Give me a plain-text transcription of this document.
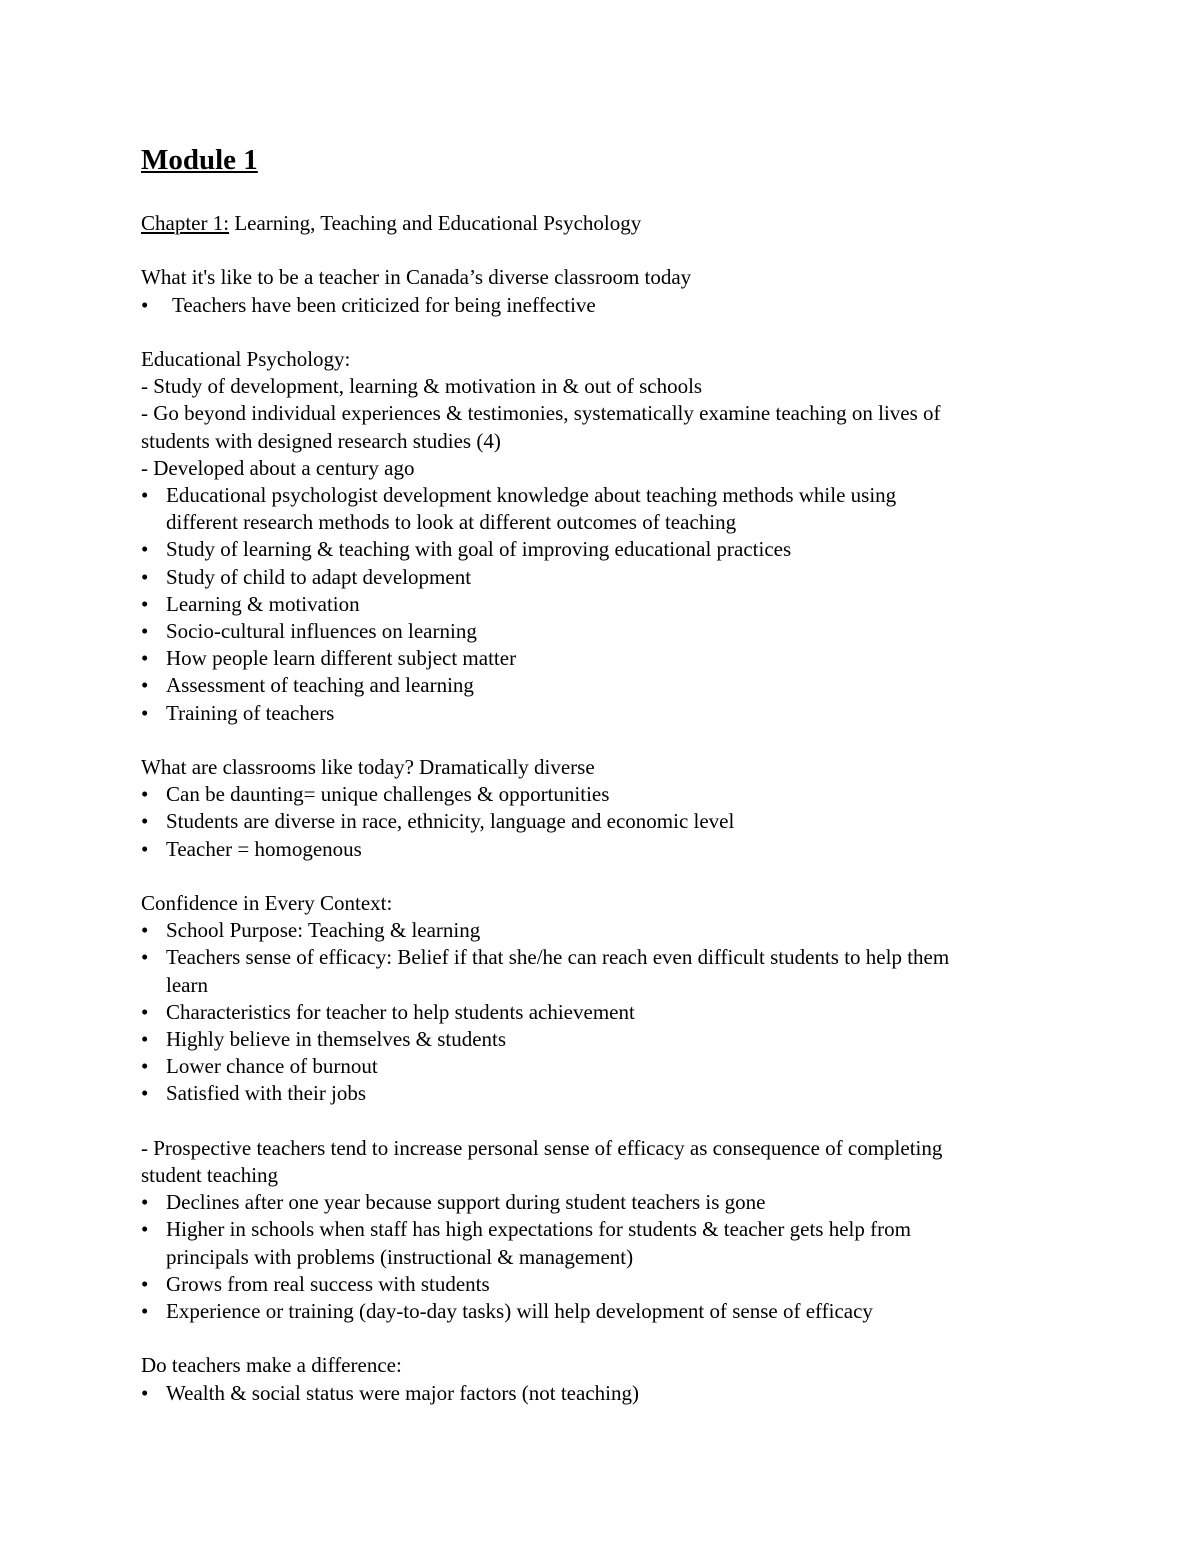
Module 1
Chapter 1: Learning, Teaching and Educational Psychology
What it's like to be a teacher in Canada’s diverse classroom today
• Teachers have been criticized for being ineffective
Educational Psychology:
- Study of development, learning & motivation in & out of schools
- Go beyond individual experiences & testimonies, systematically examine teaching on lives of
students with designed research studies (4)
- Developed about a century ago
• Educational psychologist development knowledge about teaching methods while using
different research methods to look at different outcomes of teaching
• Study of learning & teaching with goal of improving educational practices
• Study of child to adapt development
• Learning & motivation
• Socio-cultural influences on learning
• How people learn different subject matter
• Assessment of teaching and learning
• Training of teachers
What are classrooms like today? Dramatically diverse
• Can be daunting= unique challenges & opportunities
• Students are diverse in race, ethnicity, language and economic level
• Teacher = homogenous
Confidence in Every Context:
• School Purpose: Teaching & learning
• Teachers sense of efficacy: Belief if that she/he can reach even difficult students to help them
learn
• Characteristics for teacher to help students achievement
• Highly believe in themselves & students
• Lower chance of burnout
• Satisfied with their jobs
- Prospective teachers tend to increase personal sense of efficacy as consequence of completing
student teaching
• Declines after one year because support during student teachers is gone
• Higher in schools when staff has high expectations for students & teacher gets help from
principals with problems (instructional & management)
• Grows from real success with students
• Experience or training (day-to-day tasks) will help development of sense of efficacy
Do teachers make a difference:
• Wealth & social status were major factors (not teaching)
